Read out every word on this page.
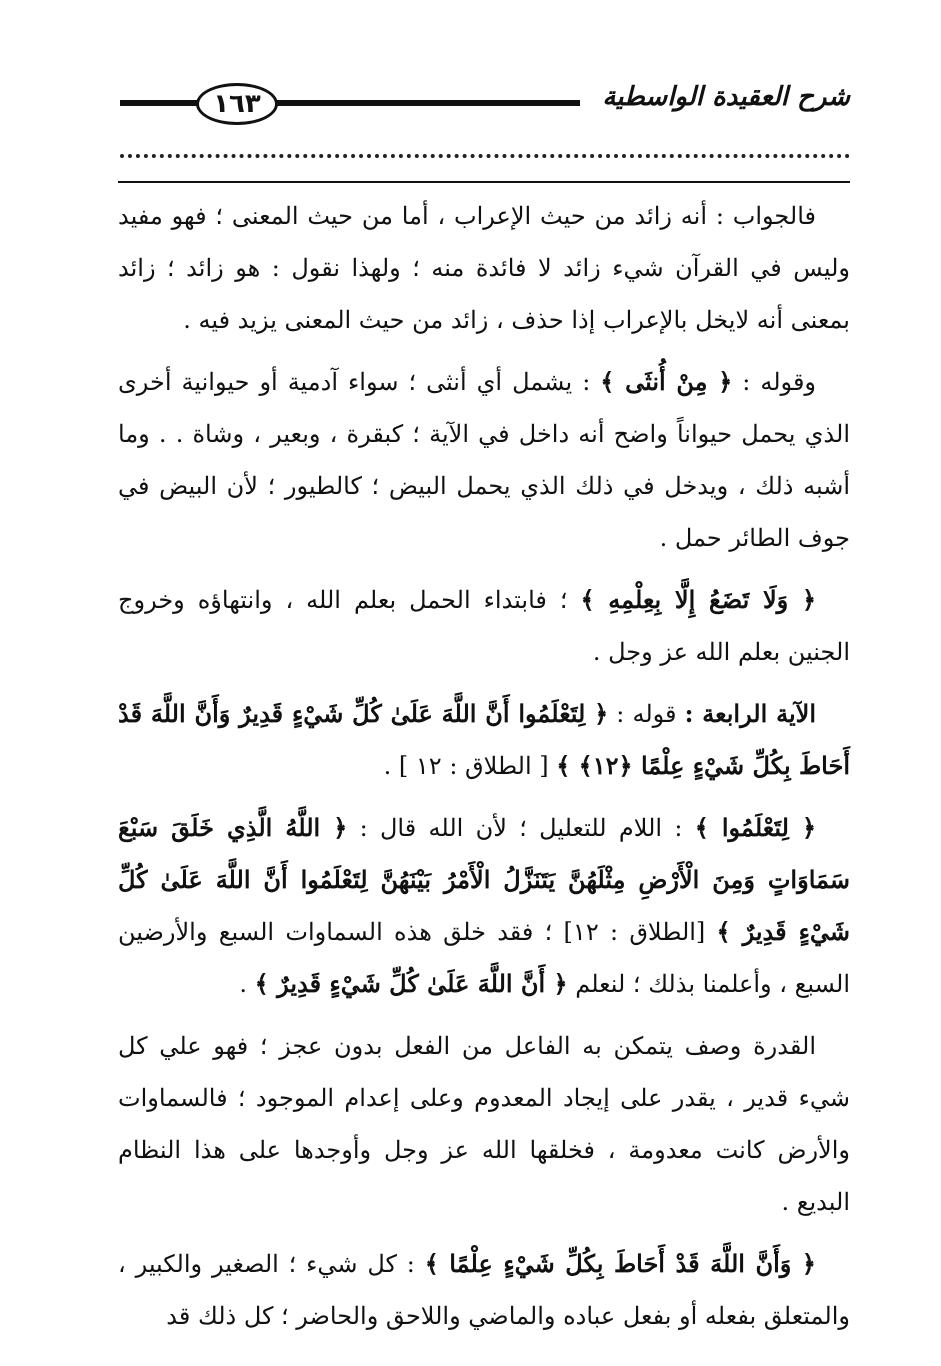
١٦٣	شرح العقيدة الواسطية

فالجواب : أنه زائد من حيث الإعراب ، أما من حيث المعنى ؛ فهو مفيد وليس في القرآن شيء زائد لا فائدة منه ؛ ولهذا نقول : هو زائد ؛ زائد بمعنى أنه لايخل بالإعراب إذا حذف ، زائد من حيث المعنى يزيد فيه .

وقوله : ﴿ مِنْ أُنثَى ﴾ : يشمل أي أنثى ؛ سواء آدمية أو حيوانية أخرى الذي يحمل حيواناً واضح أنه داخل في الآية ؛ كبقرة ، وبعير ، وشاة . . وما أشبه ذلك ، ويدخل في ذلك الذي يحمل البيض ؛ كالطيور ؛ لأن البيض في جوف الطائر حمل .

﴿ وَلَا تَضَعُ إِلَّا بِعِلْمِهِ ﴾ ؛ فابتداء الحمل بعلم الله ، وانتهاؤه وخروج الجنين بعلم الله عز وجل .

الآية الرابعة : قوله : ﴿ لِتَعْلَمُوا أَنَّ اللَّهَ عَلَىٰ كُلِّ شَيْءٍ قَدِيرٌ وَأَنَّ اللَّهَ قَدْ أَحَاطَ بِكُلِّ شَيْءٍ عِلْمًا ﴿١٢﴾ ﴾ [ الطلاق : ١٢ ] .

﴿ لِتَعْلَمُوا ﴾ : اللام للتعليل ؛ لأن الله قال : ﴿ اللَّهُ الَّذِي خَلَقَ سَبْعَ سَمَاوَاتٍ وَمِنَ الْأَرْضِ مِثْلَهُنَّ يَتَنَزَّلُ الْأَمْرُ بَيْنَهُنَّ لِتَعْلَمُوا أَنَّ اللَّهَ عَلَىٰ كُلِّ شَيْءٍ قَدِيرٌ ﴾ [الطلاق : ١٢] ؛ فقد خلق هذه السماوات السبع والأرضين السبع ، وأعلمنا بذلك ؛ لنعلم ﴿ أَنَّ اللَّهَ عَلَىٰ كُلِّ شَيْءٍ قَدِيرٌ ﴾ .

القدرة وصف يتمكن به الفاعل من الفعل بدون عجز ؛ فهو علي كل شيء قدير ، يقدر على إيجاد المعدوم وعلى إعدام الموجود ؛ فالسماوات والأرض كانت معدومة ، فخلقها الله عز وجل وأوجدها على هذا النظام البديع .

﴿ وَأَنَّ اللَّهَ قَدْ أَحَاطَ بِكُلِّ شَيْءٍ عِلْمًا ﴾ : كل شيء ؛ الصغير والكبير ، والمتعلق بفعله أو بفعل عباده والماضي واللاحق والحاضر ؛ كل ذلك قد
